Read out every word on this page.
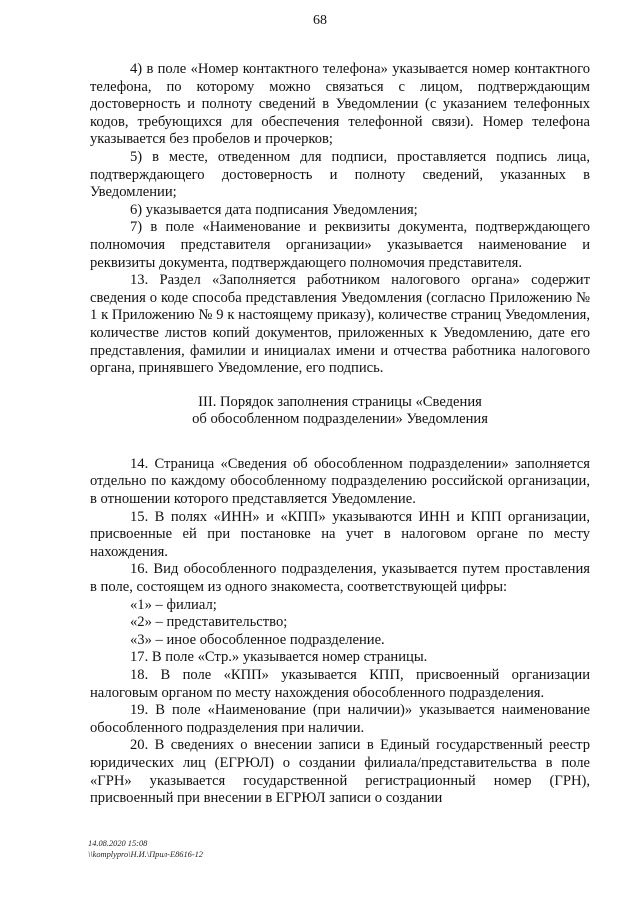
68

4) в поле «Номер контактного телефона» указывается номер контактного телефона, по которому можно связаться с лицом, подтверждающим достоверность и полноту сведений в Уведомлении (с указанием телефонных кодов, требующихся для обеспечения телефонной связи). Номер телефона указывается без пробелов и прочерков;

5) в месте, отведенном для подписи, проставляется подпись лица, подтверждающего достоверность и полноту сведений, указанных в Уведомлении;

6) указывается дата подписания Уведомления;

7) в поле «Наименование и реквизиты документа, подтверждающего полномочия представителя организации» указывается наименование и реквизиты документа, подтверждающего полномочия представителя.

13. Раздел «Заполняется работником налогового органа» содержит сведения о коде способа представления Уведомления (согласно Приложению № 1 к Приложению № 9 к настоящему приказу), количестве страниц Уведомления, количестве листов копий документов, приложенных к Уведомлению, дате его представления, фамилии и инициалах имени и отчества работника налогового органа, принявшего Уведомление, его подпись.

III. Порядок заполнения страницы «Сведения
об обособленном подразделении» Уведомления

14. Страница «Сведения об обособленном подразделении» заполняется отдельно по каждому обособленному подразделению российской организации, в отношении которого представляется Уведомление.

15. В полях «ИНН» и «КПП» указываются ИНН и КПП организации, присвоенные ей при постановке на учет в налоговом органе по месту нахождения.

16. Вид обособленного подразделения, указывается путем проставления в поле, состоящем из одного знакоместа, соответствующей цифры:

«1» – филиал;

«2» – представительство;

«3» – иное обособленное подразделение.

17. В поле «Стр.» указывается номер страницы.

18. В поле «КПП» указывается КПП, присвоенный организации налоговым органом по месту нахождения обособленного подразделения.

19. В поле «Наименование (при наличии)» указывается наименование обособленного подразделения при наличии.

20. В сведениях о внесении записи в Единый государственный реестр юридических лиц (ЕГРЮЛ) о создании филиала/представительства в поле «ГРН» указывается государственной регистрационный номер (ГРН), присвоенный при внесении в ЕГРЮЛ записи о создании

14.08.2020 15:08
\\komplypro\Н.И.\Прил-Е8616-12
